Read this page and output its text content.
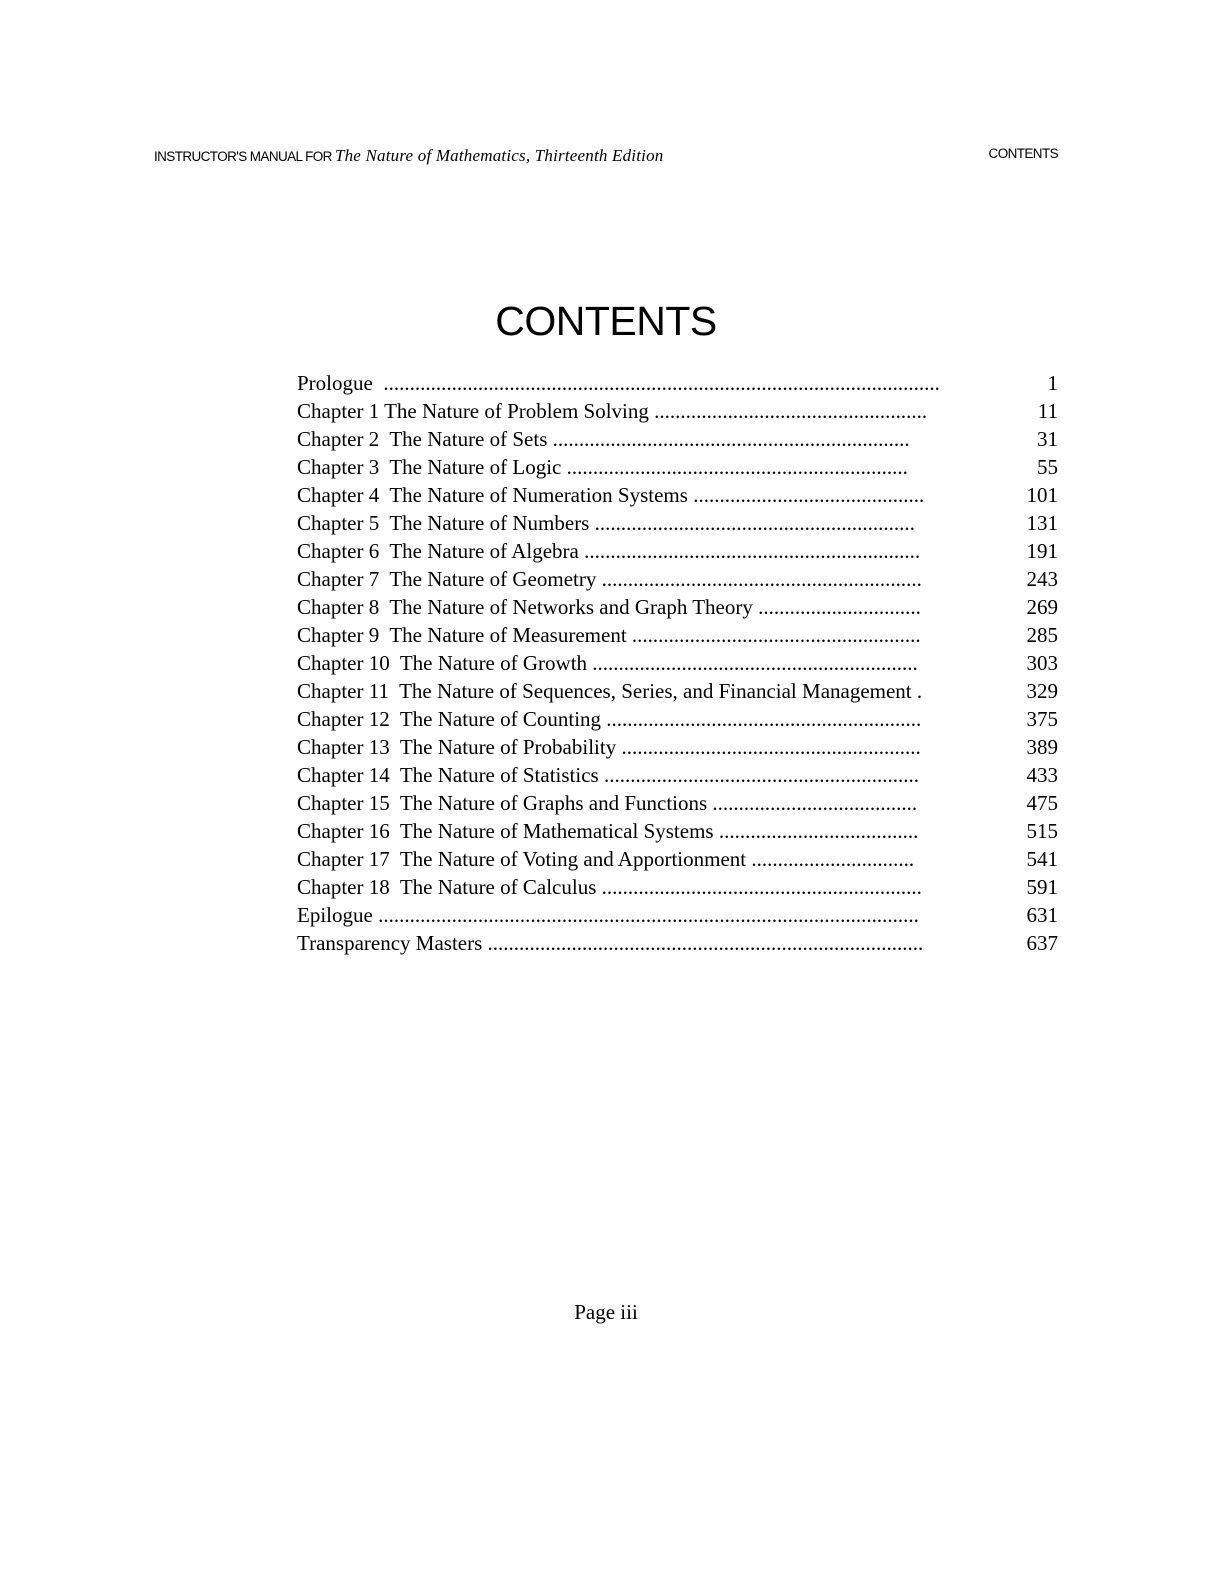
INSTRUCTOR'S MANUAL FOR The Nature of Mathematics, Thirteenth Edition	CONTENTS
CONTENTS
Prologue  ..........................................................................................................	1
Chapter 1 The Nature of Problem Solving ....................................................	11
Chapter 2  The Nature of Sets ....................................................................	31
Chapter 3  The Nature of Logic .................................................................	55
Chapter 4  The Nature of Numeration Systems ............................................	101
Chapter 5  The Nature of Numbers .............................................................	131
Chapter 6  The Nature of Algebra ................................................................	191
Chapter 7  The Nature of Geometry .............................................................	243
Chapter 8  The Nature of Networks and Graph Theory ...............................	269
Chapter 9  The Nature of Measurement .......................................................	285
Chapter 10  The Nature of Growth ..............................................................	303
Chapter 11  The Nature of Sequences, Series, and Financial Management .	329
Chapter 12  The Nature of Counting ............................................................	375
Chapter 13  The Nature of Probability .........................................................	389
Chapter 14  The Nature of Statistics ............................................................	433
Chapter 15  The Nature of Graphs and Functions .......................................	475
Chapter 16  The Nature of Mathematical Systems ......................................	515
Chapter 17  The Nature of Voting and Apportionment ...............................	541
Chapter 18  The Nature of Calculus .............................................................	591
Epilogue .......................................................................................................	631
Transparency Masters ...................................................................................	637
Page iii
